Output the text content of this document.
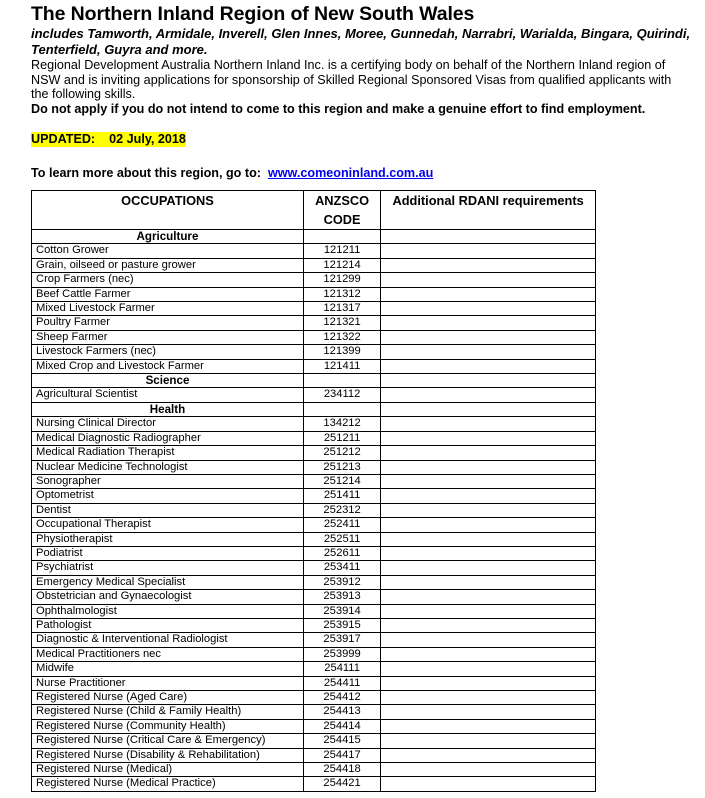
The Northern Inland Region of New South Wales
includes Tamworth, Armidale, Inverell, Glen Innes, Moree, Gunnedah, Narrabri, Warialda, Bingara, Quirindi, Tenterfield, Guyra and more.
Regional Development Australia Northern Inland Inc. is a certifying body on behalf of the Northern Inland region of NSW and is inviting applications for sponsorship of Skilled Regional Sponsored Visas from qualified applicants with the following skills.
Do not apply if you do not intend to come to this region and make a genuine effort to find employment.
UPDATED:    02 July, 2018
To learn more about this region, go to: www.comeoninland.com.au
OCCUPATIONS	ANZSCO CODE	Additional RDANI requirements
Agriculture		
Cotton Grower	121211	
Grain, oilseed or pasture grower	121214	
Crop Farmers (nec)	121299	
Beef Cattle Farmer	121312	
Mixed Livestock Farmer	121317	
Poultry Farmer	121321	
Sheep Farmer	121322	
Livestock Farmers (nec)	121399	
Mixed Crop and Livestock Farmer	121411	
Science		
Agricultural Scientist	234112	
Health		
Nursing Clinical Director	134212	
Medical Diagnostic Radiographer	251211	
Medical Radiation Therapist	251212	
Nuclear Medicine Technologist	251213	
Sonographer	251214	
Optometrist	251411	
Dentist	252312	
Occupational Therapist	252411	
Physiotherapist	252511	
Podiatrist	252611	
Psychiatrist	253411	
Emergency Medical Specialist	253912	
Obstetrician and Gynaecologist	253913	
Ophthalmologist	253914	
Pathologist	253915	
Diagnostic & Interventional Radiologist	253917	
Medical Practitioners nec	253999	
Midwife	254111	
Nurse Practitioner	254411	
Registered Nurse (Aged Care)	254412	
Registered Nurse (Child & Family Health)	254413	
Registered Nurse (Community Health)	254414	
Registered Nurse (Critical Care & Emergency)	254415	
Registered Nurse (Disability & Rehabilitation)	254417	
Registered Nurse (Medical)	254418	
Registered Nurse (Medical Practice)	254421	
